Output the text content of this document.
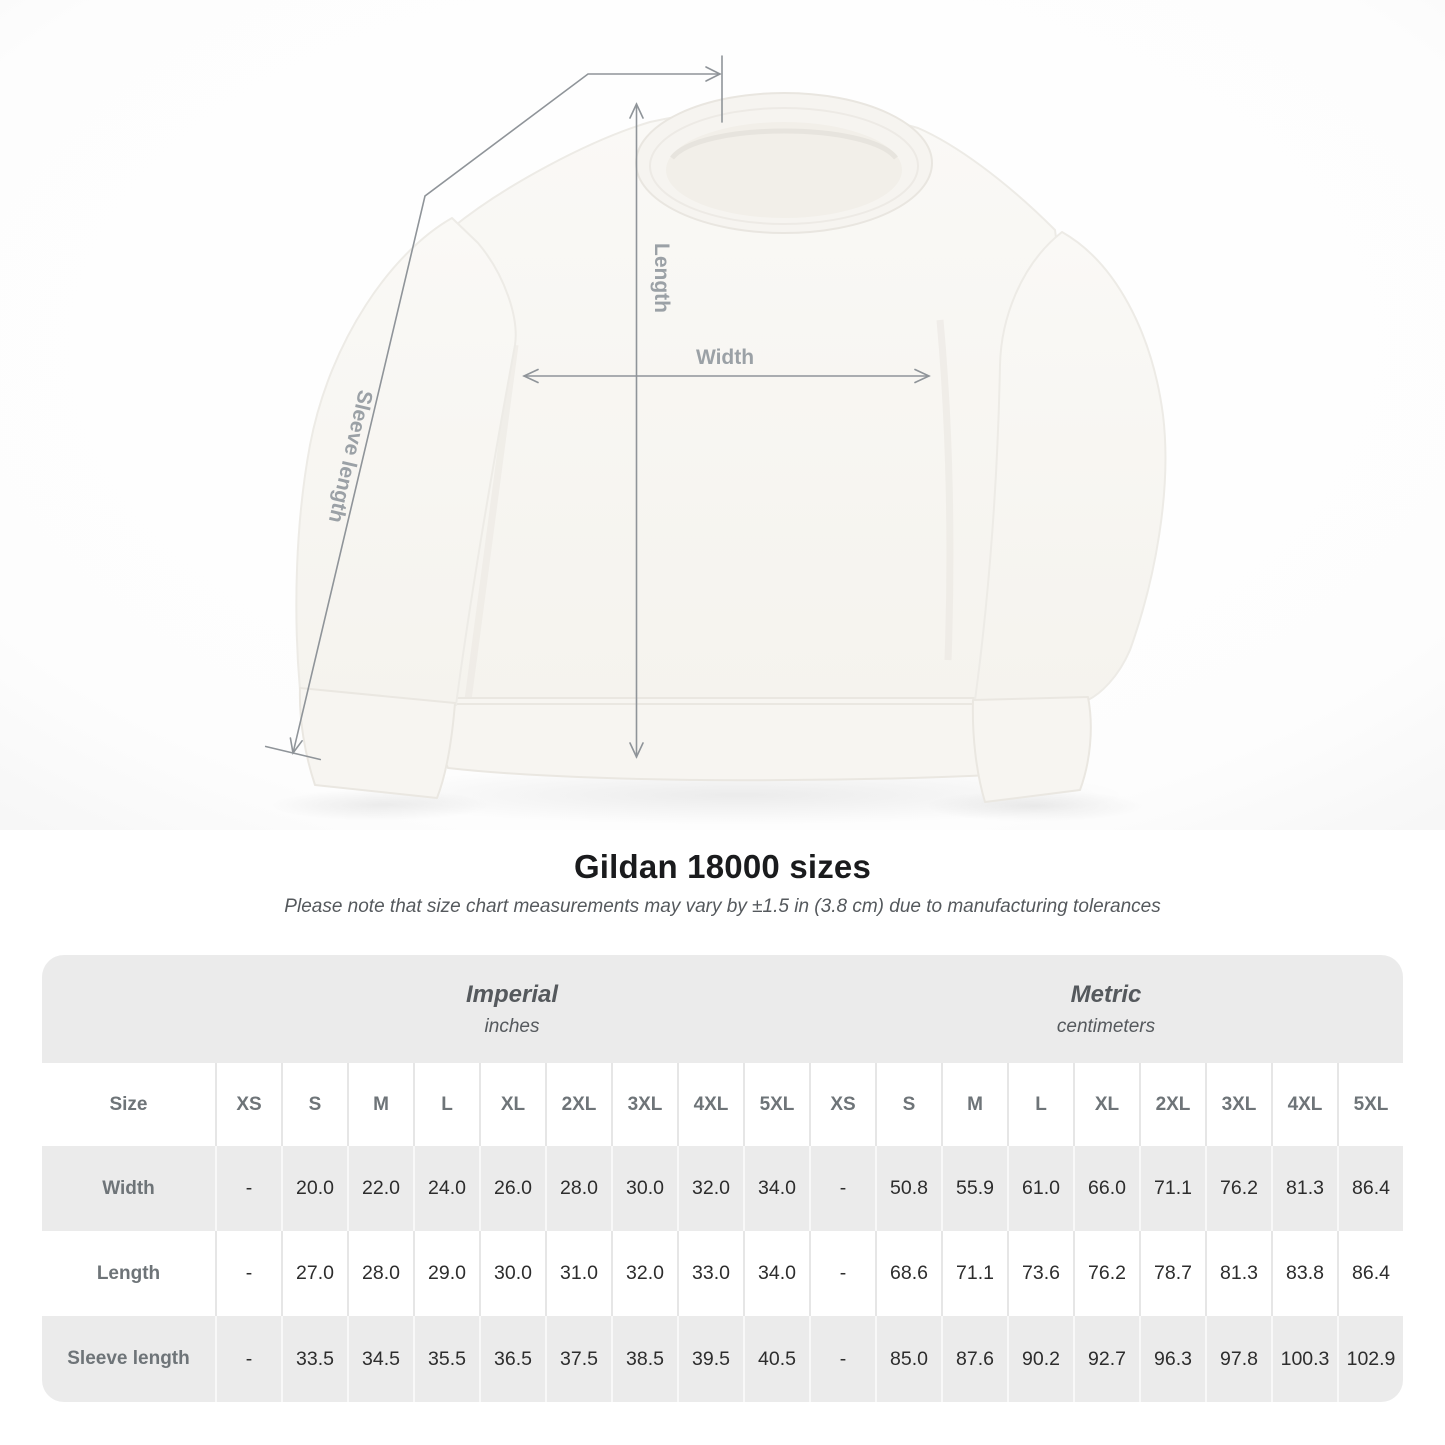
Length
Width
Sleeve length
Gildan 18000 sizes
Please note that size chart measurements may vary by ±1.5 in (3.8 cm) due to manufacturing tolerances
Imperial
inches
Metric
centimeters
Size	XS	S	M	L	XL	2XL	3XL	4XL	5XL	XS	S	M	L	XL	2XL	3XL	4XL	5XL
Width	-	20.0	22.0	24.0	26.0	28.0	30.0	32.0	34.0	-	50.8	55.9	61.0	66.0	71.1	76.2	81.3	86.4
Length	-	27.0	28.0	29.0	30.0	31.0	32.0	33.0	34.0	-	68.6	71.1	73.6	76.2	78.7	81.3	83.8	86.4
Sleeve length	-	33.5	34.5	35.5	36.5	37.5	38.5	39.5	40.5	-	85.0	87.6	90.2	92.7	96.3	97.8	100.3 102.9
